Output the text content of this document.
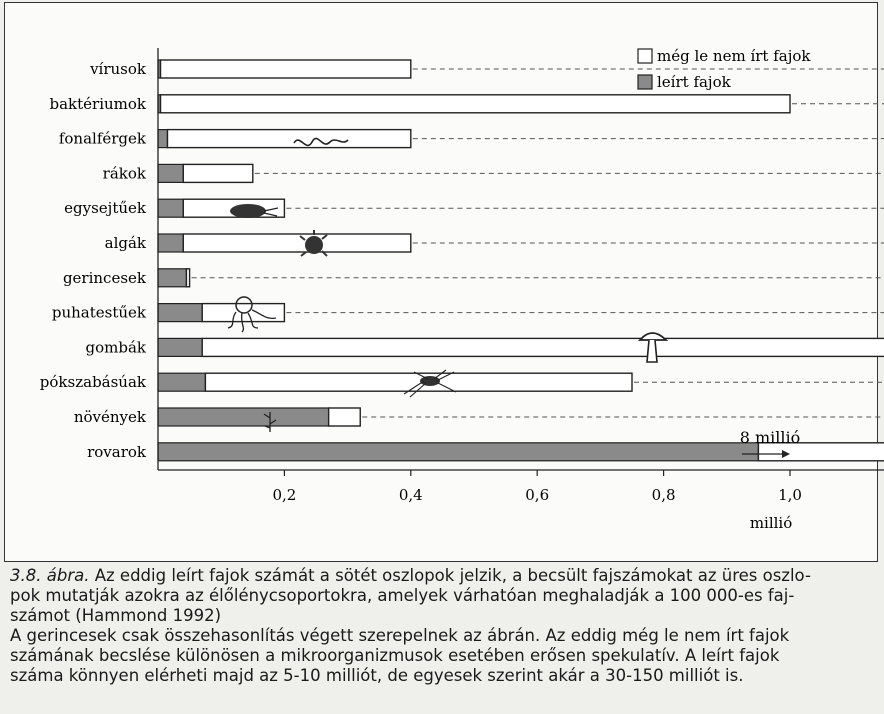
még le nem írt fajok
leírt fajok
vírusok
baktériumok
fonalférgek
rákok
egysejtűek
algák
gerincesek
puhatestűek
gombák
pókszabásúak
növények
rovarok
0,2	0,4	0,6	0,8	1,0
millió
8 millió

3.8. ábra. Az eddig leírt fajok számát a sötét oszlopok jelzik, a becsült fajszámokat az üres oszlo-

pok mutatják azokra az élőlénycsoportokra, amelyek várhatóan meghaladják a 100 000-es faj-

számot (Hammond 1992)

A gerincesek csak összehasonlítás végett szerepelnek az ábrán. Az eddig még le nem írt fajok

számának becslése különösen a mikroorganizmusok esetében erősen spekulatív. A leírt fajok

száma könnyen elérheti majd az 5-10 milliót, de egyesek szerint akár a 30-150 milliót is.
